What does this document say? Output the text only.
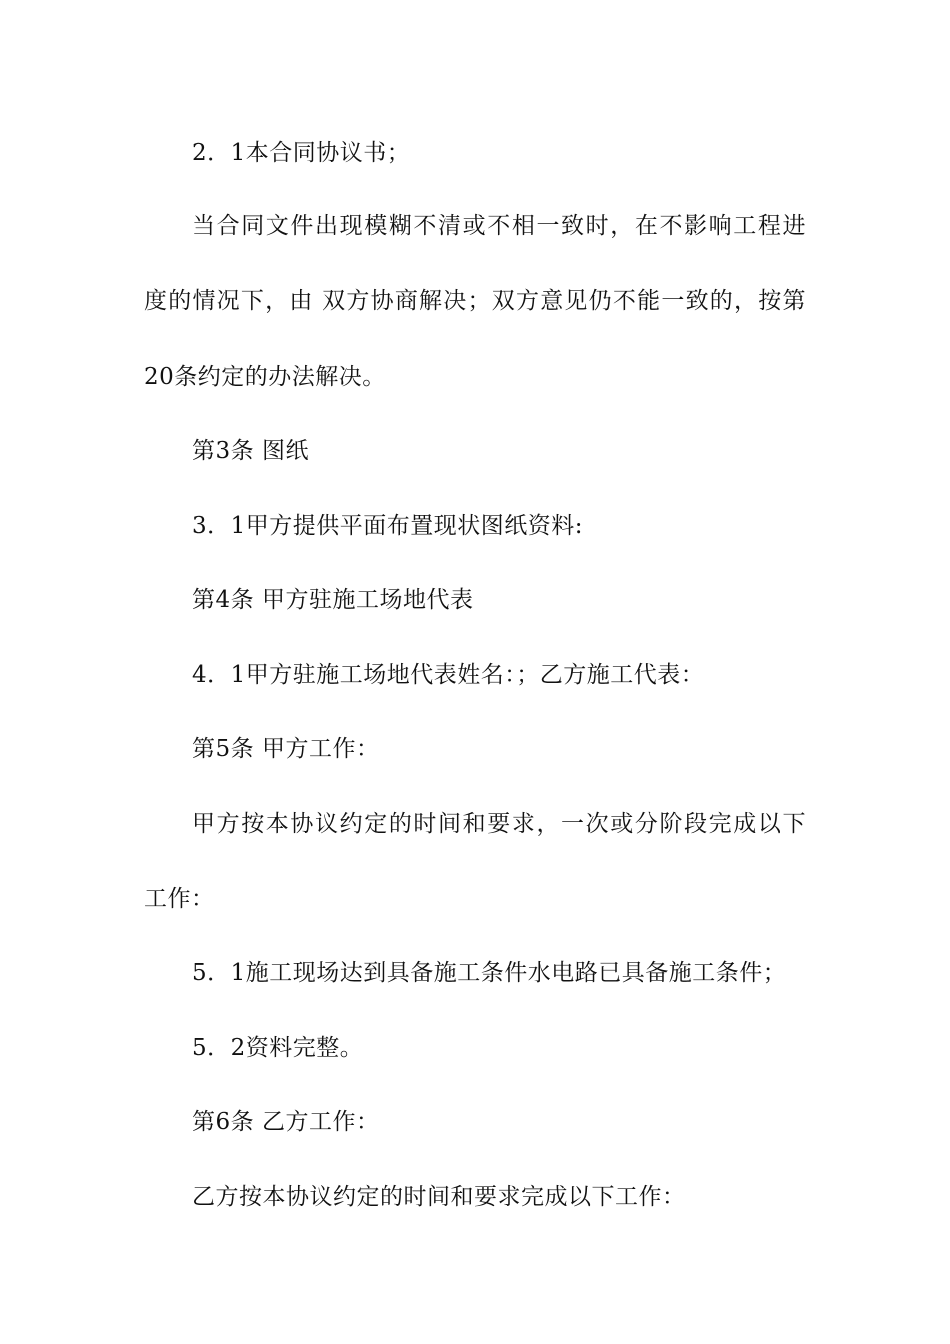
2．1本合同协议书；

当合同文件出现模糊不清或不相一致时，在不影响工程进

度的情况下，由 双方协商解决；双方意见仍不能一致的，按第

20条约定的办法解决。

第3条 图纸

3．1甲方提供平面布置现状图纸资料:

第4条 甲方驻施工场地代表

4．1甲方驻施工场地代表姓名：；乙方施工代表：

第5条 甲方工作：

甲方按本协议约定的时间和要求，一次或分阶段完成以下

工作：

5．1施工现场达到具备施工条件水电路已具备施工条件；

5．2资料完整。

第6条 乙方工作：

乙方按本协议约定的时间和要求完成以下工作：
